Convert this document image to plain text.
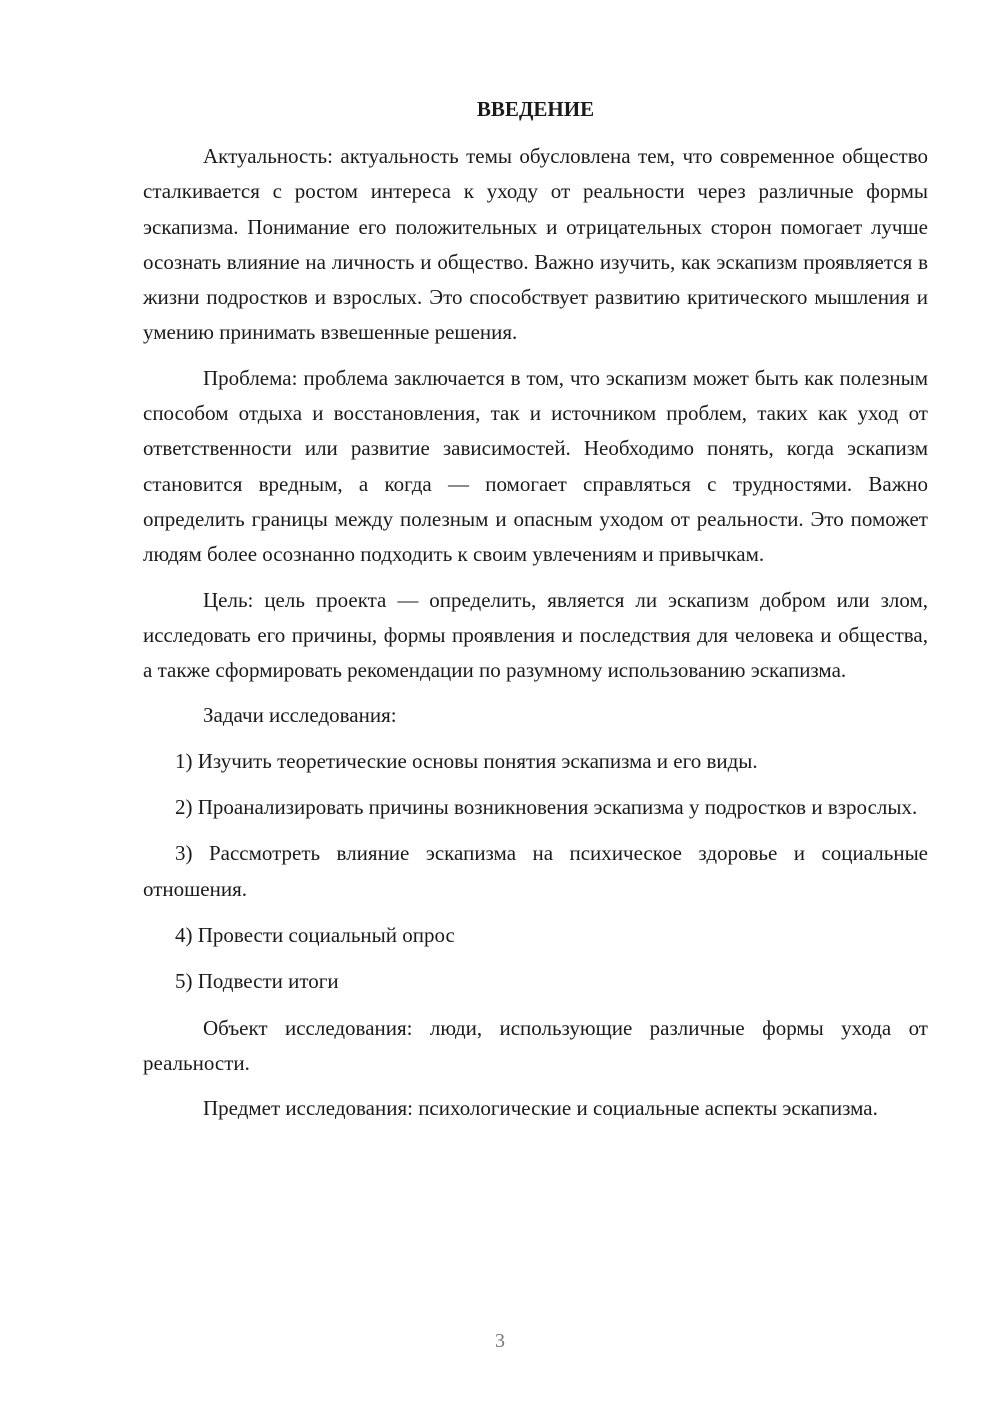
ВВЕДЕНИЕ

Актуальность: актуальность темы обусловлена тем, что современное общество сталкивается с ростом интереса к уходу от реальности через различные формы эскапизма. Понимание его положительных и отрицательных сторон помогает лучше осознать влияние на личность и общество. Важно изучить, как эскапизм проявляется в жизни подростков и взрослых. Это способствует развитию критического мышления и умению принимать взвешенные решения.

Проблема: проблема заключается в том, что эскапизм может быть как полезным способом отдыха и восстановления, так и источником проблем, таких как уход от ответственности или развитие зависимостей. Необходимо понять, когда эскапизм становится вредным, а когда — помогает справляться с трудностями. Важно определить границы между полезным и опасным уходом от реальности. Это поможет людям более осознанно подходить к своим увлечениям и привычкам.

Цель: цель проекта — определить, является ли эскапизм добром или злом, исследовать его причины, формы проявления и последствия для человека и общества, а также сформировать рекомендации по разумному использованию эскапизма.

Задачи исследования:

1) Изучить теоретические основы понятия эскапизма и его виды.

2) Проанализировать причины возникновения эскапизма у подростков и взрослых.

3) Рассмотреть влияние эскапизма на психическое здоровье и социальные отношения.

4) Провести социальный опрос

5) Подвести итоги

Объект исследования: люди, использующие различные формы ухода от реальности.

Предмет исследования: психологические и социальные аспекты эскапизма.

3
